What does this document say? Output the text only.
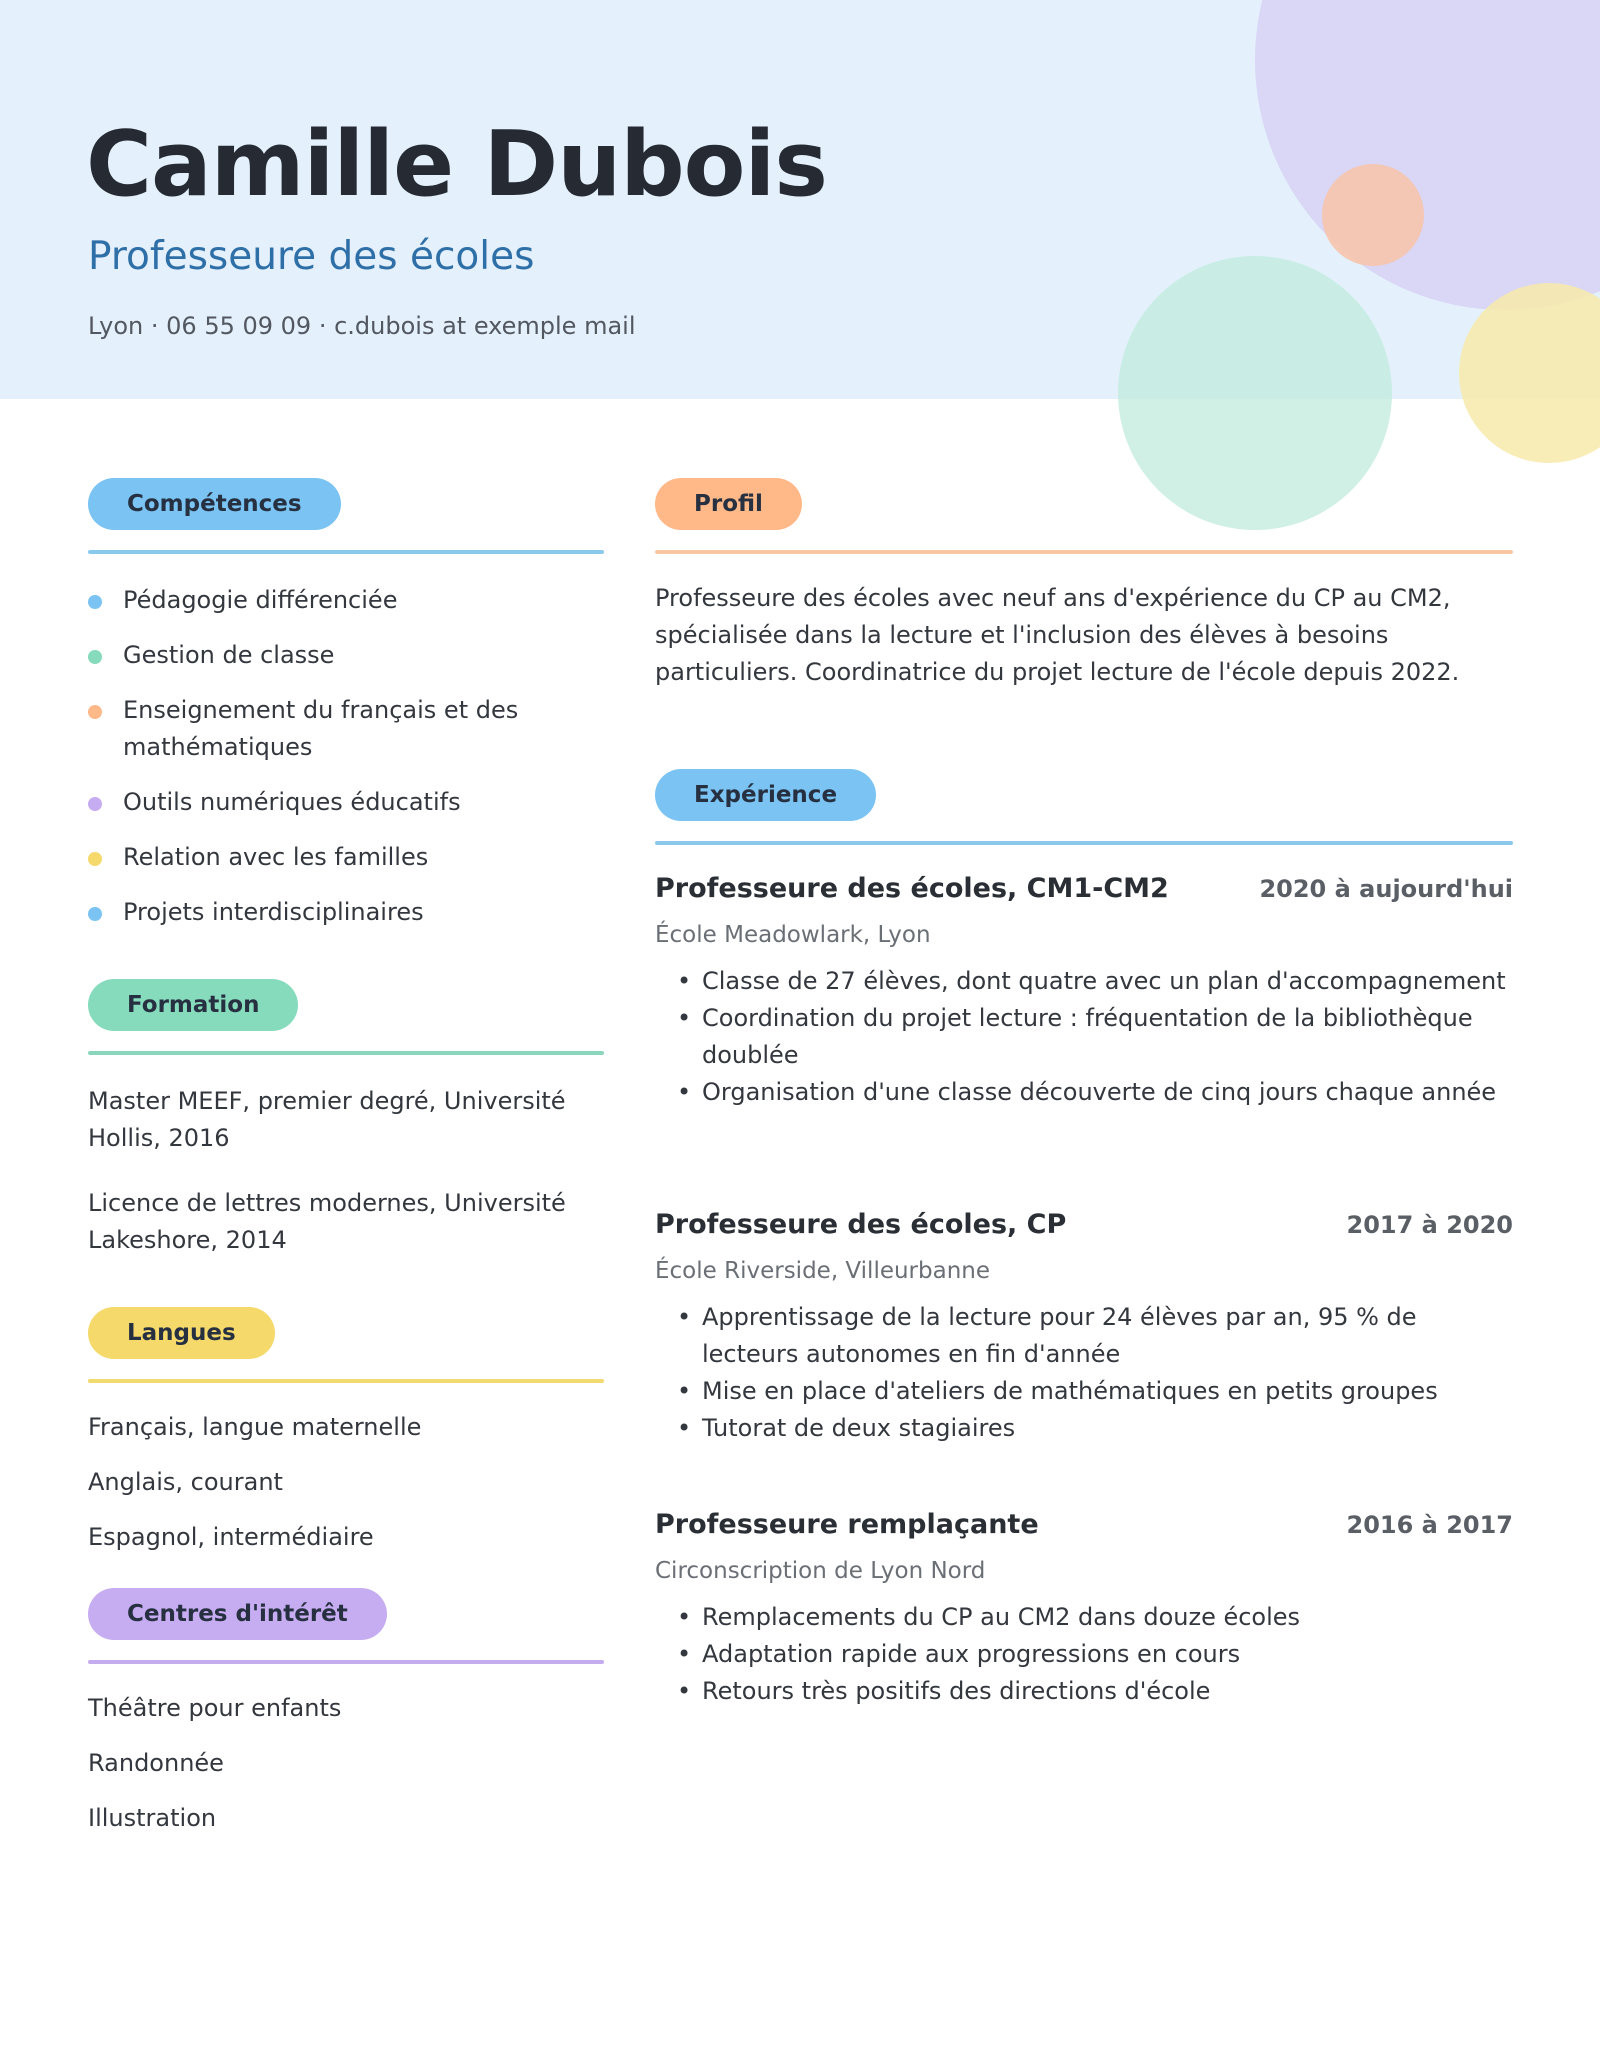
Camille Dubois
Professeure des écoles
Lyon · 06 55 09 09 · c.dubois at exemple mail
Compétences
Pédagogie différenciée
Gestion de classe
Enseignement du français et des mathématiques
Outils numériques éducatifs
Relation avec les familles
Projets interdisciplinaires
Formation
Master MEEF, premier degré, Université Hollis, 2016
Licence de lettres modernes, Université Lakeshore, 2014
Langues
Français, langue maternelle
Anglais, courant
Espagnol, intermédiaire
Centres d'intérêt
Théâtre pour enfants
Randonnée
Illustration
Profil

Professeure des écoles avec neuf ans d'expérience du CP au CM2, spécialisée dans la lecture et l'inclusion des élèves à besoins particuliers. Coordinatrice du projet lecture de l'école depuis 2022.

Expérience
Professeure des écoles, CM1-CM2	2020 à aujourd'hui
École Meadowlark, Lyon
• Classe de 27 élèves, dont quatre avec un plan d'accompagnement
• Coordination du projet lecture : fréquentation de la bibliothèque doublée
• Organisation d'une classe découverte de cinq jours chaque année
Professeure des écoles, CP	2017 à 2020
École Riverside, Villeurbanne
• Apprentissage de la lecture pour 24 élèves par an, 95 % de lecteurs autonomes en fin d'année
• Mise en place d'ateliers de mathématiques en petits groupes
• Tutorat de deux stagiaires
Professeure remplaçante	2016 à 2017
Circonscription de Lyon Nord
• Remplacements du CP au CM2 dans douze écoles
• Adaptation rapide aux progressions en cours
• Retours très positifs des directions d'école
